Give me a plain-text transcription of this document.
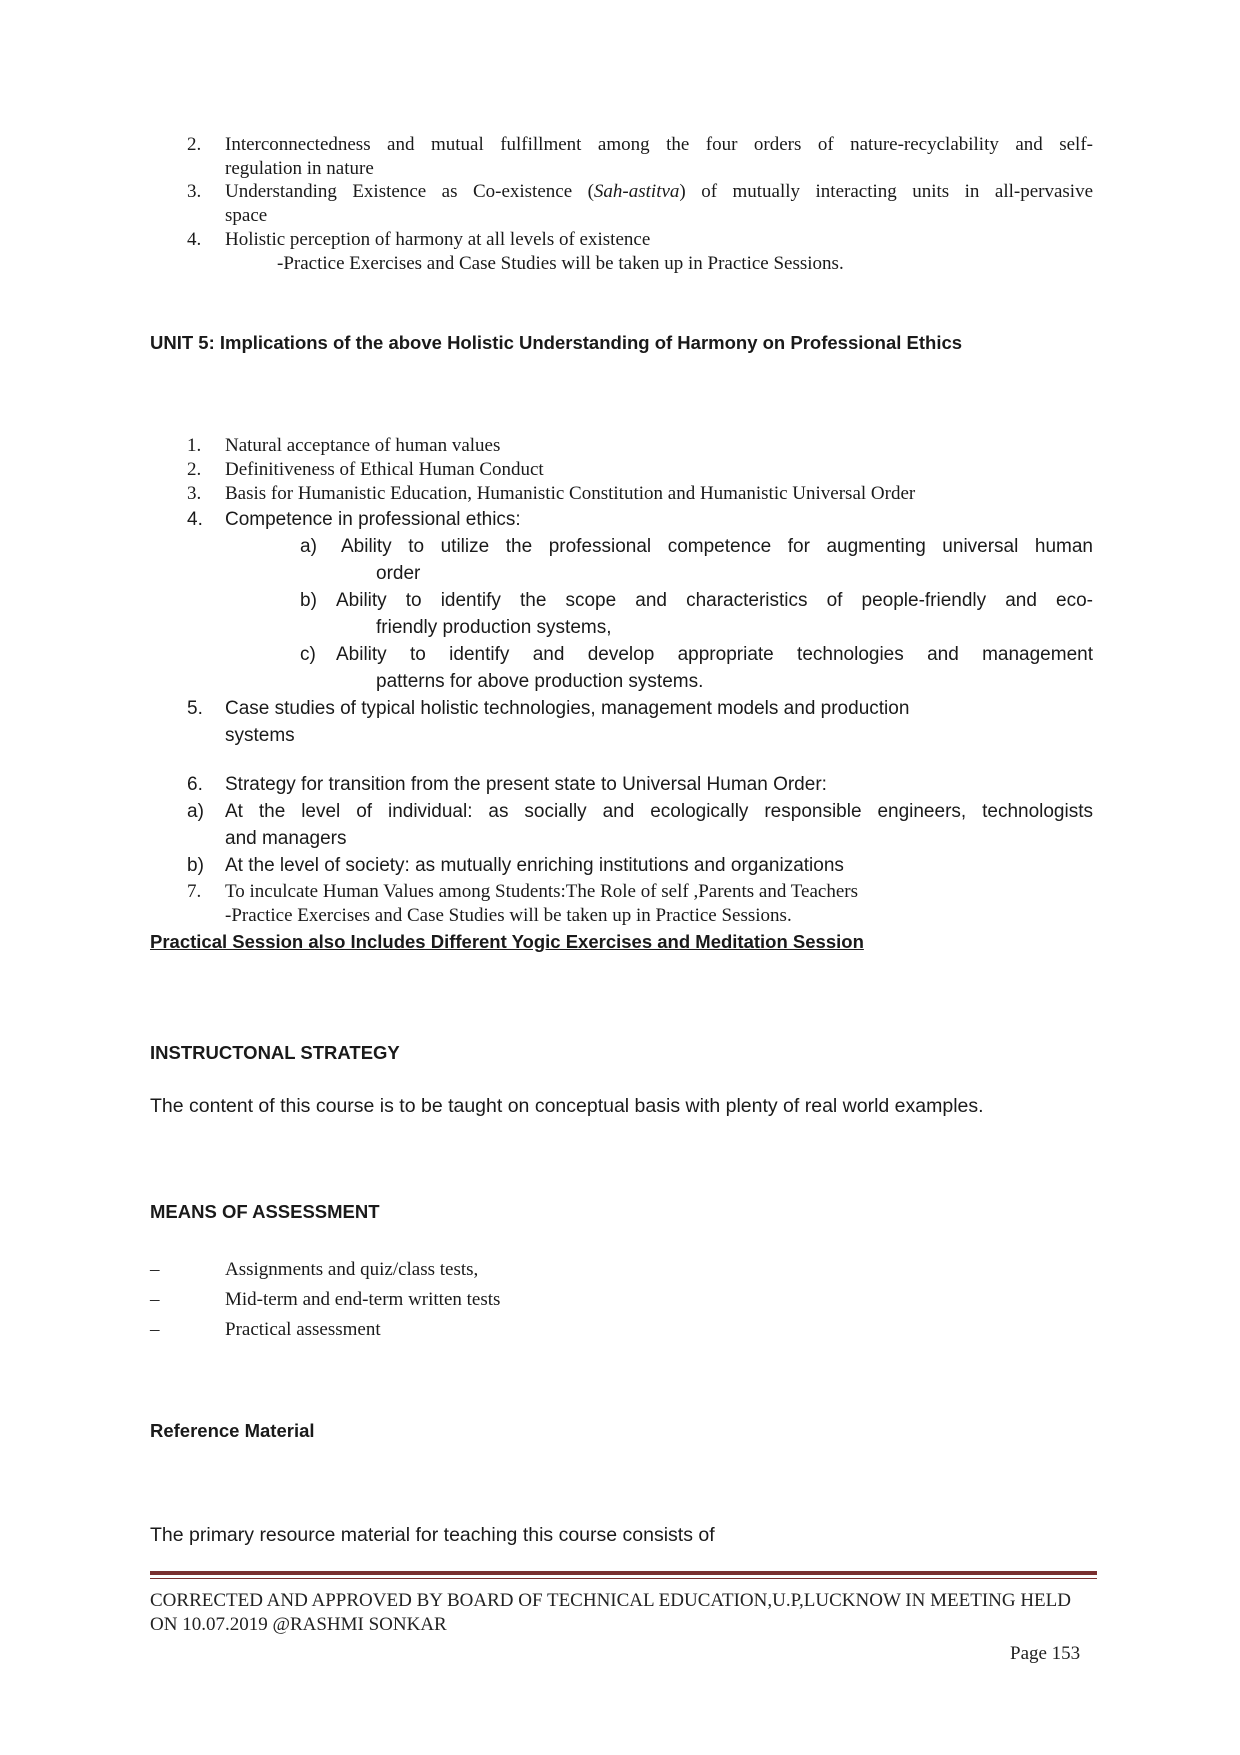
2. Interconnectedness and mutual fulfillment among the four orders of nature-recyclability and self-
regulation in nature
3. Understanding Existence as Co-existence (Sah-astitva) of mutually interacting units in all-pervasive
space
4. Holistic perception of harmony at all levels of existence
-Practice Exercises and Case Studies will be taken up in Practice Sessions.
UNIT 5: Implications of the above Holistic Understanding of Harmony on Professional Ethics
1. Natural acceptance of human values
2. Definitiveness of Ethical Human Conduct
3. Basis for Humanistic Education, Humanistic Constitution and Humanistic Universal Order
4. Competence in professional ethics:
a) Ability to utilize the professional competence for augmenting universal human
order
b) Ability to identify the scope and characteristics of people-friendly and eco-
friendly production systems,
c) Ability to identify and develop appropriate technologies and management
patterns for above production systems.
5. Case studies of typical holistic technologies, management models and production
systems
6. Strategy for transition from the present state to Universal Human Order:
a) At the level of individual: as socially and ecologically responsible engineers, technologists
and managers
b) At the level of society: as mutually enriching institutions and organizations
7. To inculcate Human Values among Students:The Role of self ,Parents and Teachers
-Practice Exercises and Case Studies will be taken up in Practice Sessions.
Practical Session also Includes Different Yogic Exercises and Meditation Session
INSTRUCTONAL STRATEGY
The content of this course is to be taught on conceptual basis with plenty of real world examples.
MEANS OF ASSESSMENT
–	Assignments and quiz/class tests,
–	Mid-term and end-term written tests
–	Practical assessment
Reference Material
The primary resource material for teaching this course consists of
CORRECTED AND APPROVED BY BOARD OF TECHNICAL EDUCATION,U.P,LUCKNOW IN MEETING HELD
ON 10.07.2019 @RASHMI SONKAR
Page 153
